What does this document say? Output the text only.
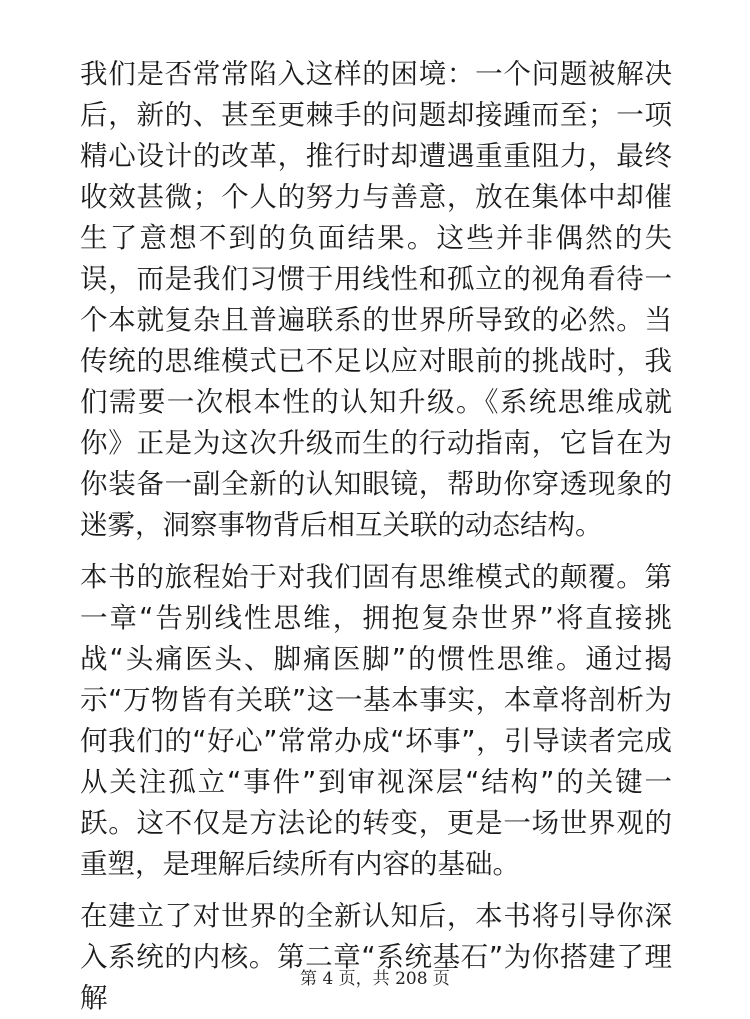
我们是否常常陷入这样的困境：一个问题被解决后，新的、甚至更棘手的问题却接踵而至；一项精心设计的改革，推行时却遭遇重重阻力，最终收效甚微；个人的努力与善意，放在集体中却催生了意想不到的负面结果。这些并非偶然的失误，而是我们习惯于用线性和孤立的视角看待一个本就复杂且普遍联系的世界所导致的必然。当传统的思维模式已不足以应对眼前的挑战时，我们需要一次根本性的认知升级。《系统思维成就你》正是为这次升级而生的行动指南，它旨在为你装备一副全新的认知眼镜，帮助你穿透现象的迷雾，洞察事物背后相互关联的动态结构。

本书的旅程始于对我们固有思维模式的颠覆。第一章“告别线性思维，拥抱复杂世界”将直接挑战“头痛医头、脚痛医脚”的惯性思维。通过揭示“万物皆有关联”这一基本事实，本章将剖析为何我们的“好心”常常办成“坏事”，引导读者完成从关注孤立“事件”到审视深层“结构”的关键一跃。这不仅是方法论的转变，更是一场世界观的重塑，是理解后续所有内容的基础。

在建立了对世界的全新认知后，本书将引导你深入系统的内核。第二章“系统基石”为你搭建了理解

第 4 页，共 208 页
